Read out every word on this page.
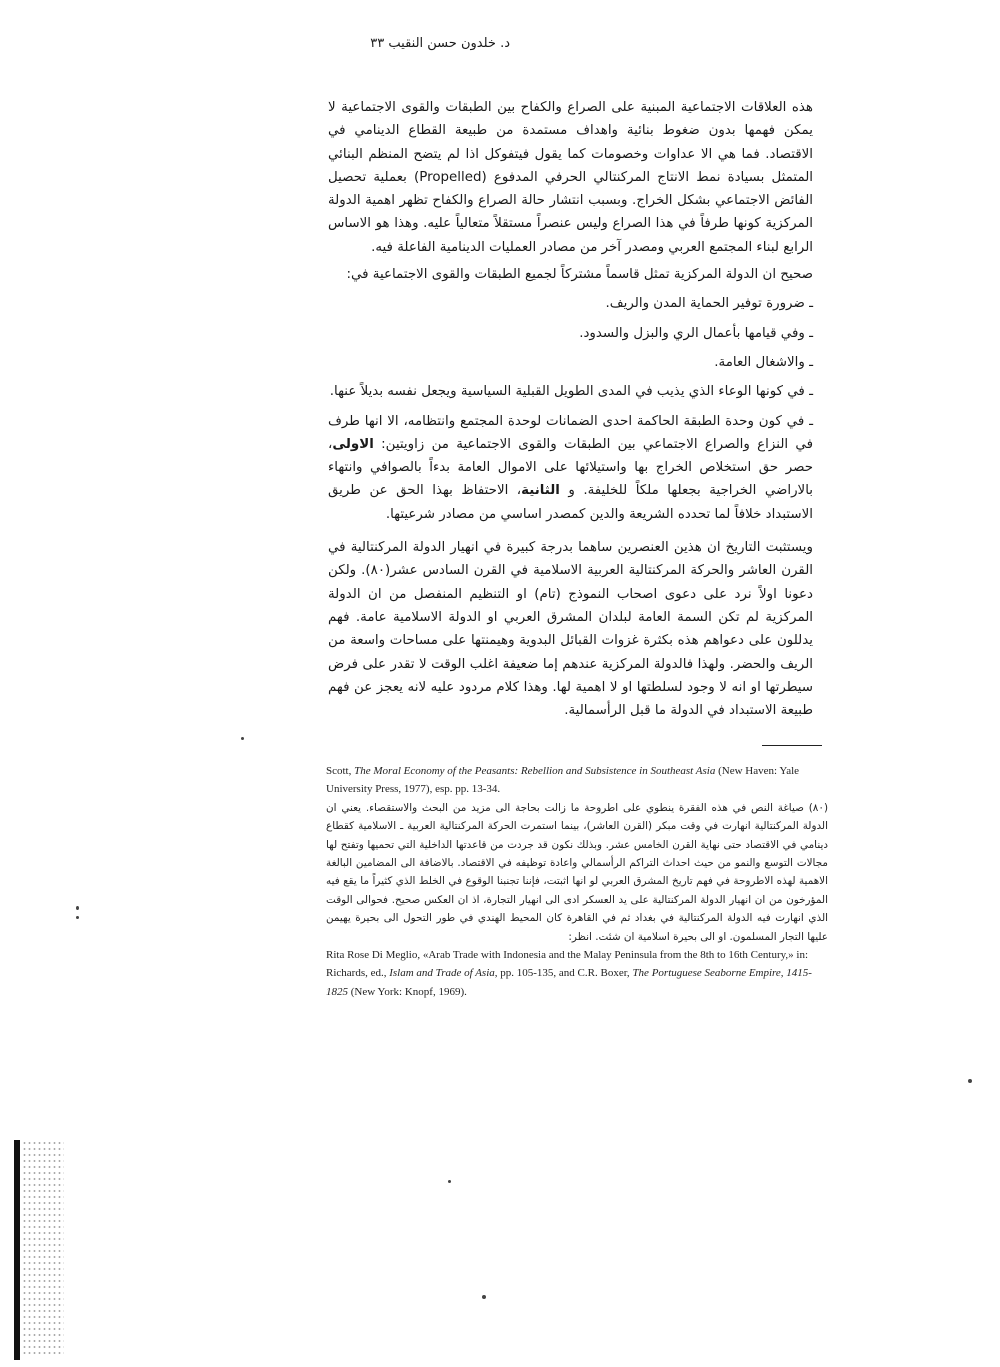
د. خلدون حسن النقيب ٣٣

هذه العلاقات الاجتماعية المبنية على الصراع والكفاح بين الطبقات والقوى الاجتماعية لا يمكن فهمها بدون ضغوط بنائية واهداف مستمدة من طبيعة القطاع الدينامي في الاقتصاد. فما هي الا عداوات وخصومات كما يقول فيتفوكل اذا لم يتضح المنظم البنائي المتمثل بسيادة نمط الانتاج المركنتالي الحرفي المدفوع (Propelled) بعملية تحصيل الفائض الاجتماعي بشكل الخراج. وبسبب انتشار حالة الصراع والكفاح تظهر اهمية الدولة المركزية كونها طرفاً في هذا الصراع وليس عنصراً مستقلاً متعالياً عليه. وهذا هو الاساس الرابع لبناء المجتمع العربي ومصدر آخر من مصادر العمليات الدينامية الفاعلة فيه.

صحيح ان الدولة المركزية تمثل قاسماً مشتركاً لجميع الطبقات والقوى الاجتماعية في:

ـ ضرورة توفير الحماية المدن والريف.

ـ وفي قيامها بأعمال الري والبزل والسدود.

ـ والاشغال العامة.

ـ في كونها الوعاء الذي يذيب في المدى الطويل القبلية السياسية ويجعل نفسه بديلاً عنها.

ـ في كون وحدة الطبقة الحاكمة احدى الضمانات لوحدة المجتمع وانتظامه، الا انها طرف في النزاع والصراع الاجتماعي بين الطبقات والقوى الاجتماعية من زاويتين: الاولى، حصر حق استخلاص الخراج بها واستيلائها على الاموال العامة بدءاً بالصوافي وانتهاء بالاراضي الخراجية بجعلها ملكاً للخليفة. و الثانية، الاحتفاظ بهذا الحق عن طريق الاستبداد خلافاً لما تحدده الشريعة والدين كمصدر اساسي من مصادر شرعيتها.

ويستثبت التاريخ ان هذين العنصرين ساهما بدرجة كبيرة في انهيار الدولة المركنتالية في القرن العاشر والحركة المركنتالية العربية الاسلامية في القرن السادس عشر(٨٠). ولكن دعونا اولاً نرد على دعوى اصحاب النموذج (تام) او التنظيم المنفصل من ان الدولة المركزية لم تكن السمة العامة لبلدان المشرق العربي او الدولة الاسلامية عامة. فهم يدللون على دعواهم هذه بكثرة غزوات القبائل البدوية وهيمنتها على مساحات واسعة من الريف والحضر. ولهذا فالدولة المركزية عندهم إما ضعيفة اغلب الوقت لا تقدر على فرض سيطرتها او انه لا وجود لسلطتها او لا اهمية لها. وهذا كلام مردود عليه لانه يعجز عن فهم طبيعة الاستبداد في الدولة ما قبل الرأسمالية.

Scott, The Moral Economy of the Peasants: Rebellion and Subsistence in Southeast Asia (New Haven: Yale University Press, 1977), esp. pp. 13-34.
(٨٠) صياغة النص في هذه الفقرة ينطوي على اطروحة ما زالت بحاجة الى مزيد من البحث والاستقصاء. يعني ان الدولة المركنتالية انهارت في وقت مبكر (القرن العاشر)، بينما استمرت الحركة المركنتالية العربية ـ الاسلامية كقطاع دينامي في الاقتصاد حتى نهاية القرن الخامس عشر. وبذلك نكون قد جردت من قاعدتها الداخلية التي تحميها وتفتح لها مجالات التوسع والنمو من حيث احداث التراكم الرأسمالي واعادة توظيفه في الاقتصاد. بالاضافة الى المضامين البالغة الاهمية لهذه الاطروحة في فهم تاريخ المشرق العربي لو انها اثبتت، فإننا تجنبنا الوقوع في الخلط الذي كثيراً ما يقع فيه المؤرخون من ان انهيار الدولة المركنتالية على يد العسكر ادى الى انهيار التجارة، اذ ان العكس صحيح. فحوالى الوقت الذي انهارت فيه الدولة المركنتالية في بغداد ثم في القاهرة كان المحيط الهندي في طور التحول الى بحيرة يهيمن عليها التجار المسلمون. او الى بحيرة اسلامية ان شئت. انظر:
Rita Rose Di Meglio, «Arab Trade with Indonesia and the Malay Peninsula from the 8th to 16th Century,» in: Richards, ed., Islam and Trade of Asia, pp. 105-135, and C.R. Boxer, The Portuguese Seaborne Empire, 1415-1825 (New York: Knopf, 1969).
